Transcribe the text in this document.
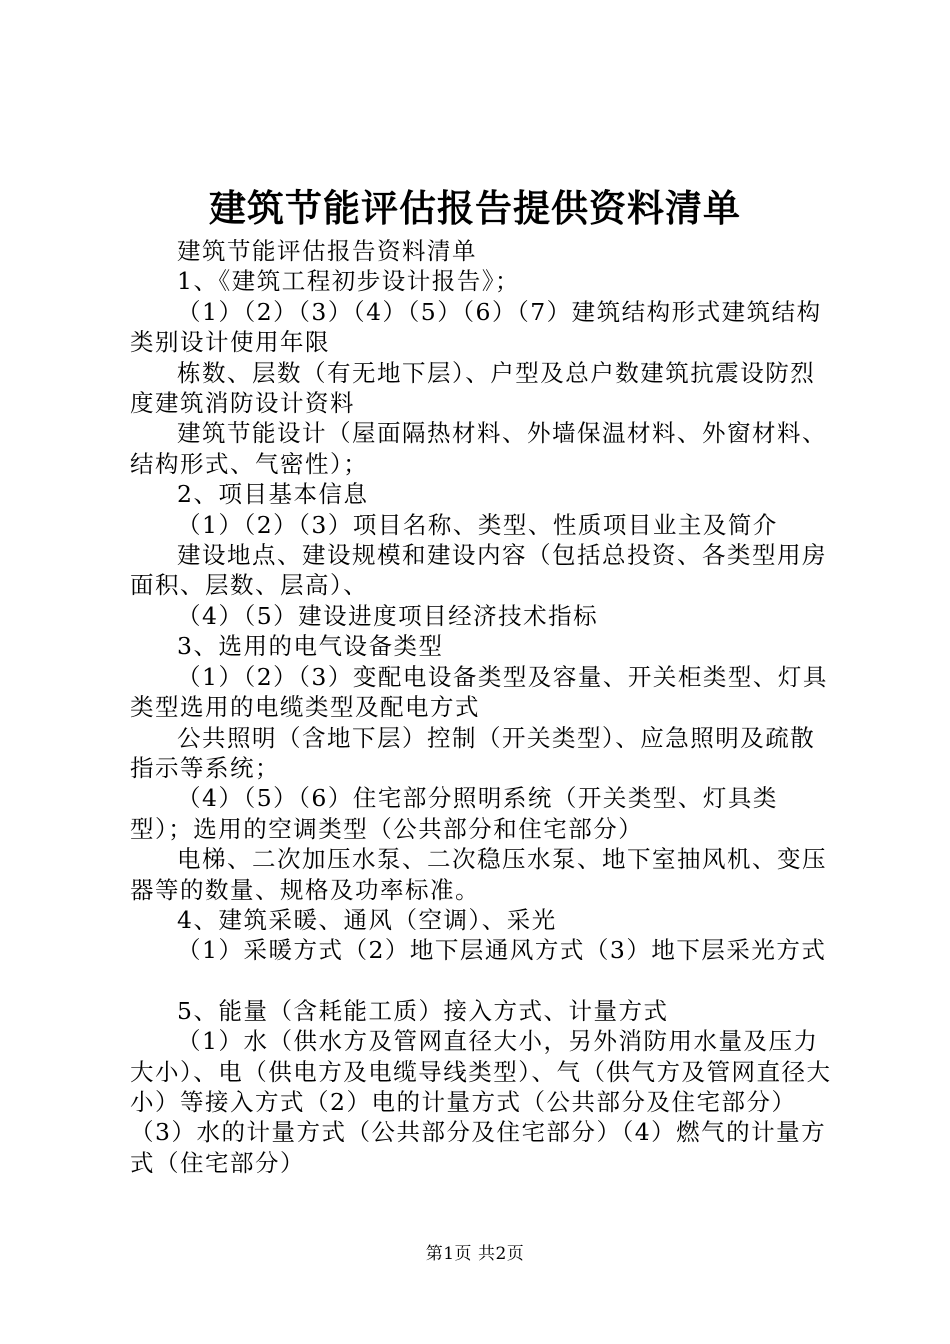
建筑节能评估报告提供资料清单

建筑节能评估报告资料清单

1、《建筑工程初步设计报告》；

（1）（2）（3）（4）（5）（6）（7）建筑结构形式建筑结构类别设计使用年限

栋数、层数（有无地下层）、户型及总户数建筑抗震设防烈度建筑消防设计资料

建筑节能设计（屋面隔热材料、外墙保温材料、外窗材料、结构形式、气密性）；

2、项目基本信息

（1）（2）（3）项目名称、类型、性质项目业主及简介

建设地点、建设规模和建设内容（包括总投资、各类型用房面积、层数、层高）、

（4）（5）建设进度项目经济技术指标

3、选用的电气设备类型

（1）（2）（3）变配电设备类型及容量、开关柜类型、灯具类型选用的电缆类型及配电方式

公共照明（含地下层）控制（开关类型）、应急照明及疏散指示等系统；

（4）（5）（6）住宅部分照明系统（开关类型、灯具类型）；选用的空调类型（公共部分和住宅部分）

电梯、二次加压水泵、二次稳压水泵、地下室抽风机、变压器等的数量、规格及功率标准。

4、建筑采暖、通风（空调）、采光

（1）采暖方式（2）地下层通风方式（3）地下层采光方式

5、能量（含耗能工质）接入方式、计量方式

（1）水（供水方及管网直径大小，另外消防用水量及压力大小）、电（供电方及电缆导线类型）、气（供气方及管网直径大小）等接入方式（2）电的计量方式（公共部分及住宅部分）（3）水的计量方式（公共部分及住宅部分）（4）燃气的计量方式（住宅部分）

第1页 共2页
